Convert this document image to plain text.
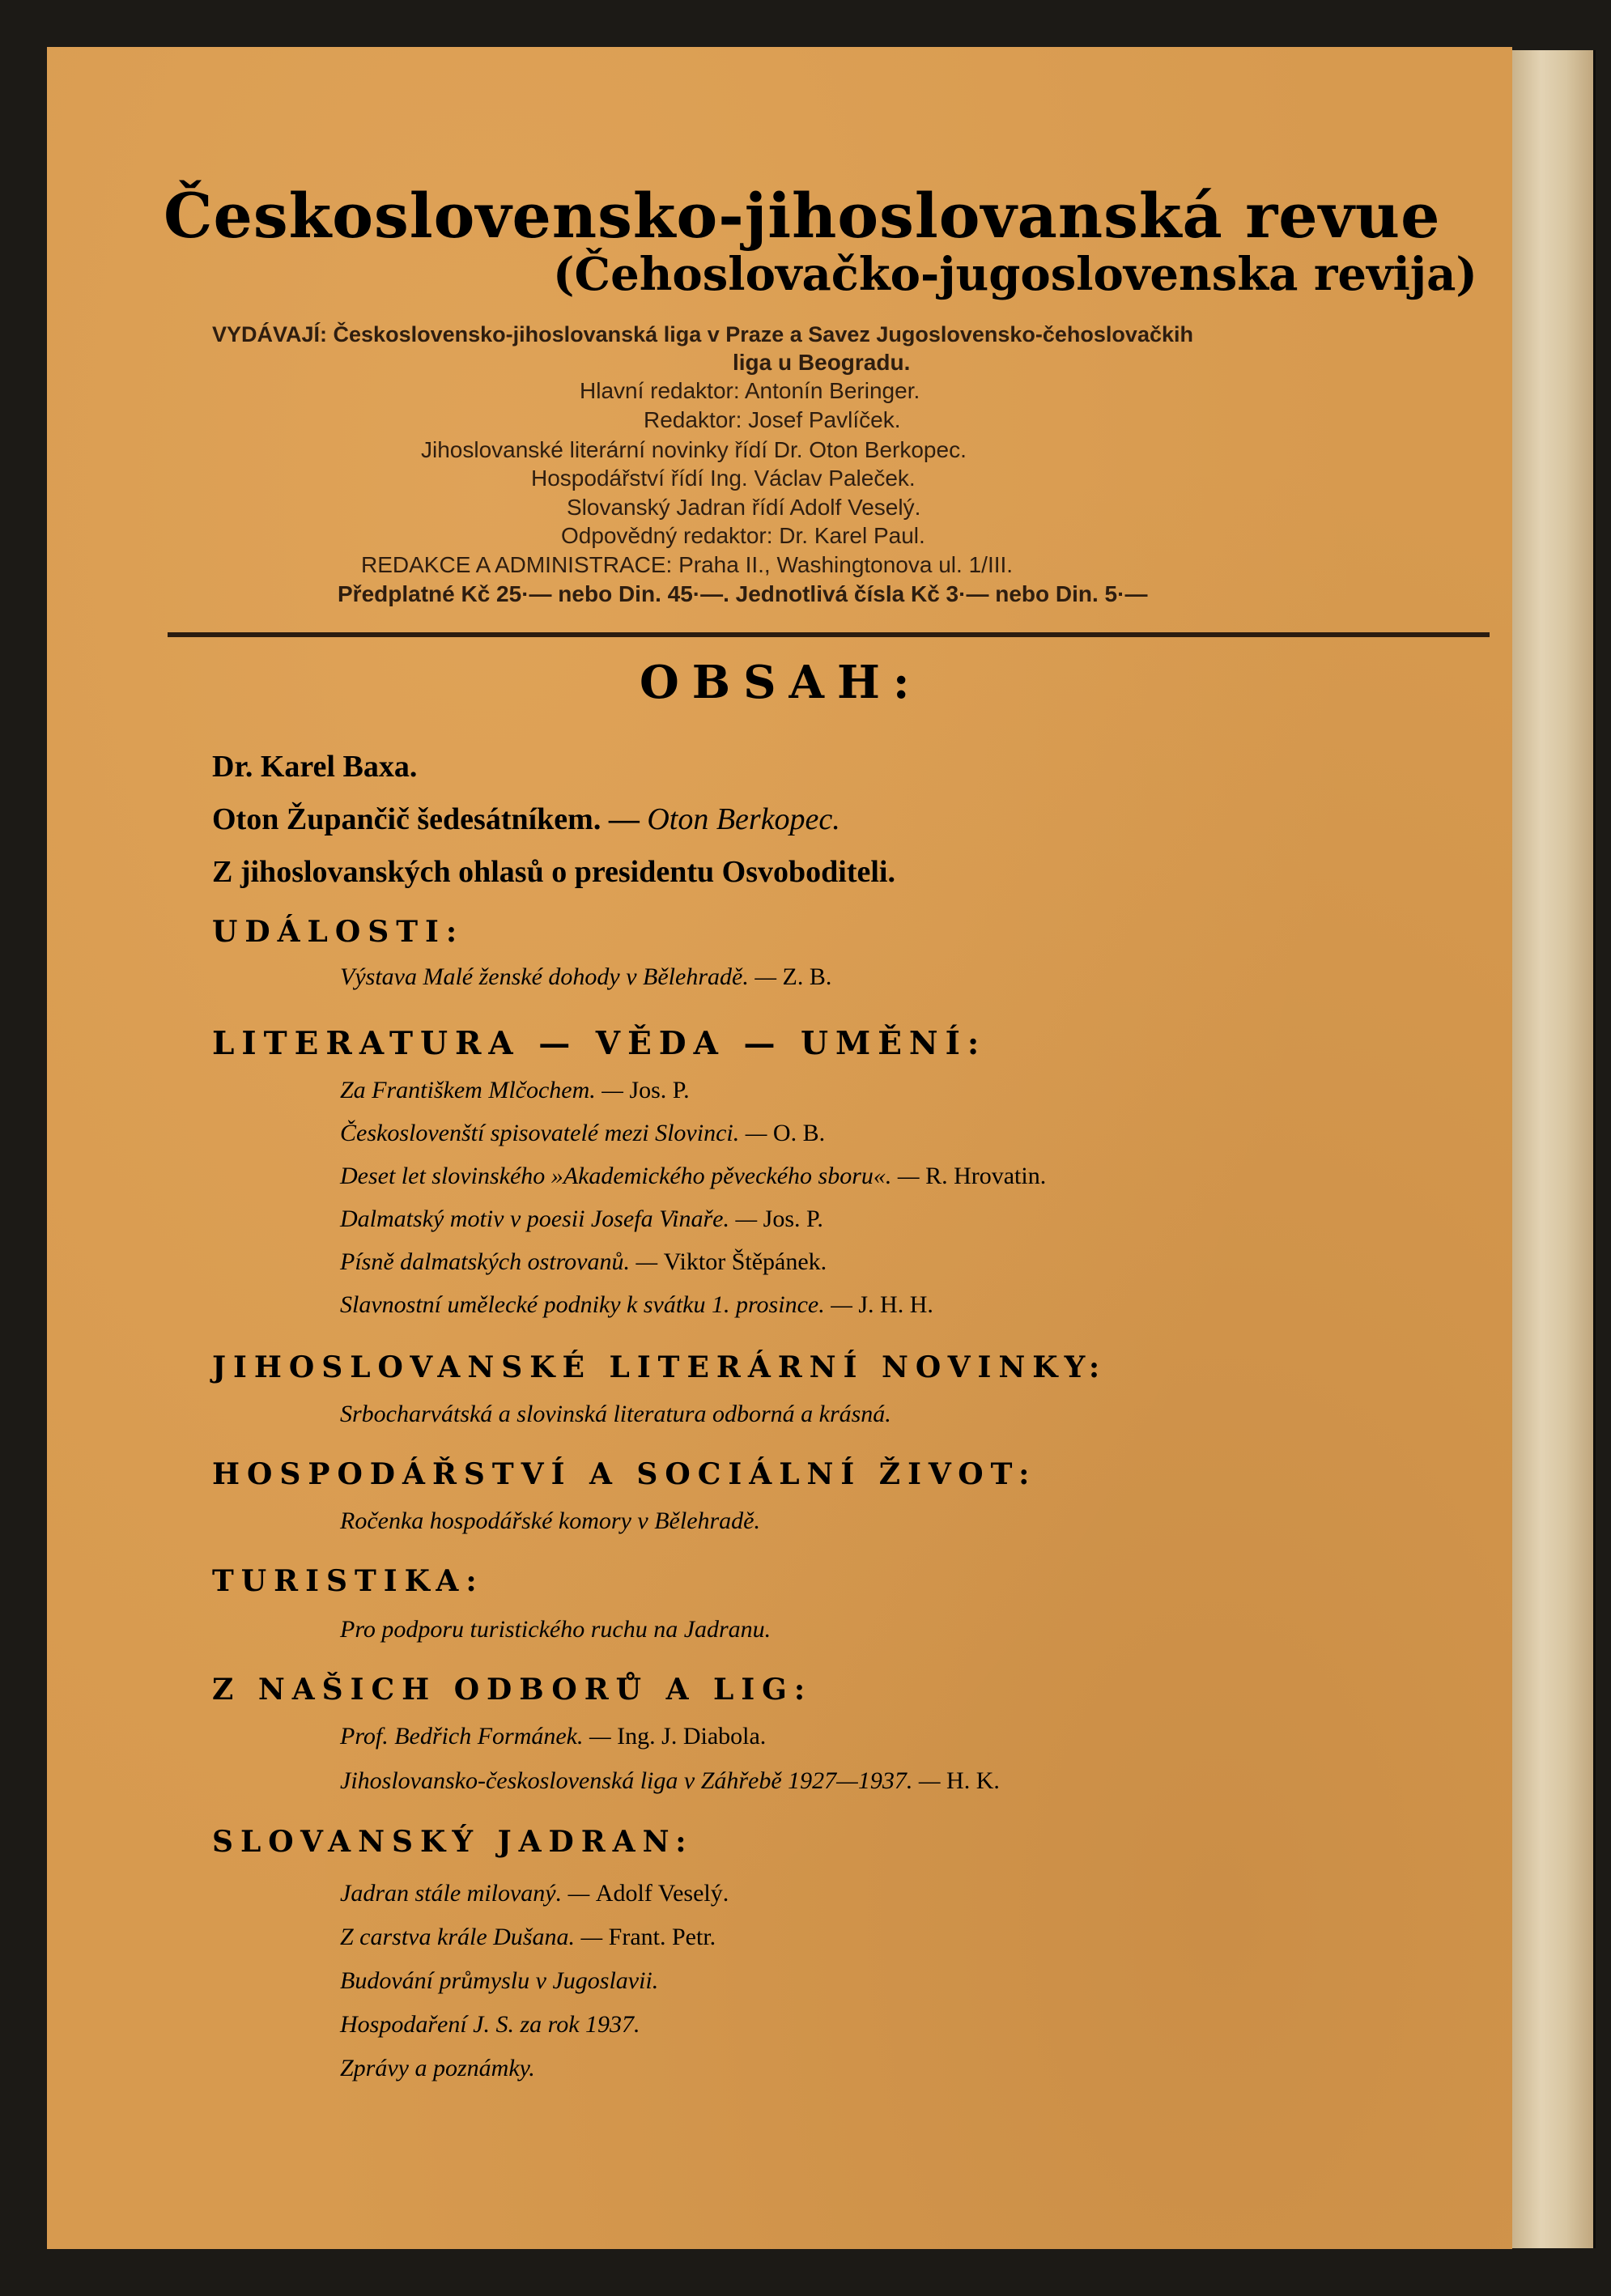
Československo-jihoslovanská revue
(Čehoslovačko-jugoslovenska revija)
VYDÁVAJÍ: Československo-jihoslovanská liga v Praze a Savez Jugoslovensko-čehoslovačkih
liga u Beogradu.
Hlavní redaktor: Antonín Beringer.
Redaktor: Josef Pavlíček.
Jihoslovanské literární novinky řídí Dr. Oton Berkopec.
Hospodářství řídí Ing. Václav Paleček.
Slovanský Jadran řídí Adolf Veselý.
Odpovědný redaktor: Dr. Karel Paul.
REDAKCE A ADMINISTRACE: Praha II., Washingtonova ul. 1/III.
Předplatné Kč 25·— nebo Din. 45·—. Jednotlivá čísla Kč 3·— nebo Din. 5·—
OBSAH:
Dr. Karel Baxa.
Oton Župančič šedesátníkem. — Oton Berkopec.
Z jihoslovanských ohlasů o presidentu Osvoboditeli.
UDÁLOSTI:
Výstava Malé ženské dohody v Bělehradě. — Z. B.
LITERATURA — VĚDA — UMĚNÍ:
Za Františkem Mlčochem. — Jos. P.
Českoslovenští spisovatelé mezi Slovinci. — O. B.
Deset let slovinského »Akademického pěveckého sboru«. — R. Hrovatin.
Dalmatský motiv v poesii Josefa Vinaře. — Jos. P.
Písně dalmatských ostrovanů. — Viktor Štěpánek.
Slavnostní umělecké podniky k svátku 1. prosince. — J. H. H.
JIHOSLOVANSKÉ LITERÁRNÍ NOVINKY:
Srbocharvátská a slovinská literatura odborná a krásná.
HOSPODÁŘSTVÍ A SOCIÁLNÍ ŽIVOT:
Ročenka hospodářské komory v Bělehradě.
TURISTIKA:
Pro podporu turistického ruchu na Jadranu.
Z NAŠICH ODBORŮ A LIG:
Prof. Bedřich Formánek. — Ing. J. Diabola.
Jihoslovansko-československá liga v Záhřebě 1927—1937. — H. K.
SLOVANSKÝ JADRAN:
Jadran stále milovaný. — Adolf Veselý.
Z carstva krále Dušana. — Frant. Petr.
Budování průmyslu v Jugoslavii.
Hospodaření J. S. za rok 1937.
Zprávy a poznámky.
